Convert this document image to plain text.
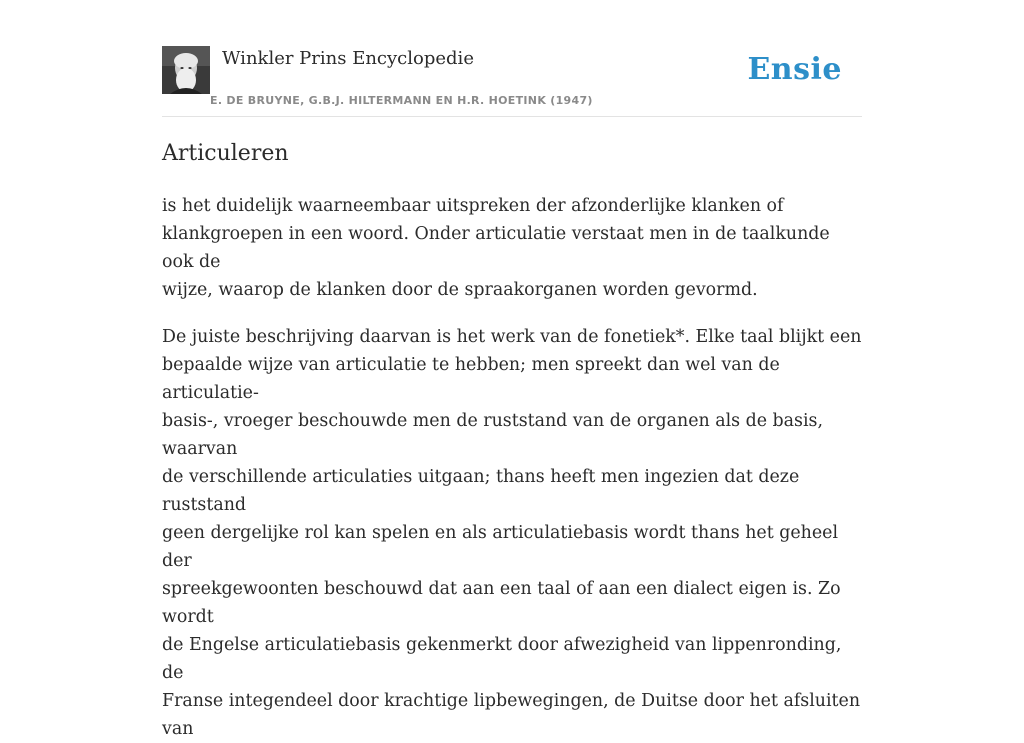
Winkler Prins Encyclopedie
E. DE BRUYNE, G.B.J. HILTERMANN EN H.R. HOETINK (1947)
Ensie
Articuleren

is het duidelijk waarneembaar uitspreken der afzonderlijke klanken of
klankgroepen in een woord. Onder articulatie verstaat men in de taalkunde ook de
wijze, waarop de klanken door de spraakorganen worden gevormd.

De juiste beschrijving daarvan is het werk van de fonetiek*. Elke taal blijkt een
bepaalde wijze van articulatie te hebben; men spreekt dan wel van de articulatie-
basis-, vroeger beschouwde men de ruststand van de organen als de basis, waarvan
de verschillende articulaties uitgaan; thans heeft men ingezien dat deze ruststand
geen dergelijke rol kan spelen en als articulatiebasis wordt thans het geheel der
spreekgewoonten beschouwd dat aan een taal of aan een dialect eigen is. Zo wordt
de Engelse articulatiebasis gekenmerkt door afwezigheid van lippenronding, de
Franse integendeel door krachtige lipbewegingen, de Duitse door het afsluiten van
